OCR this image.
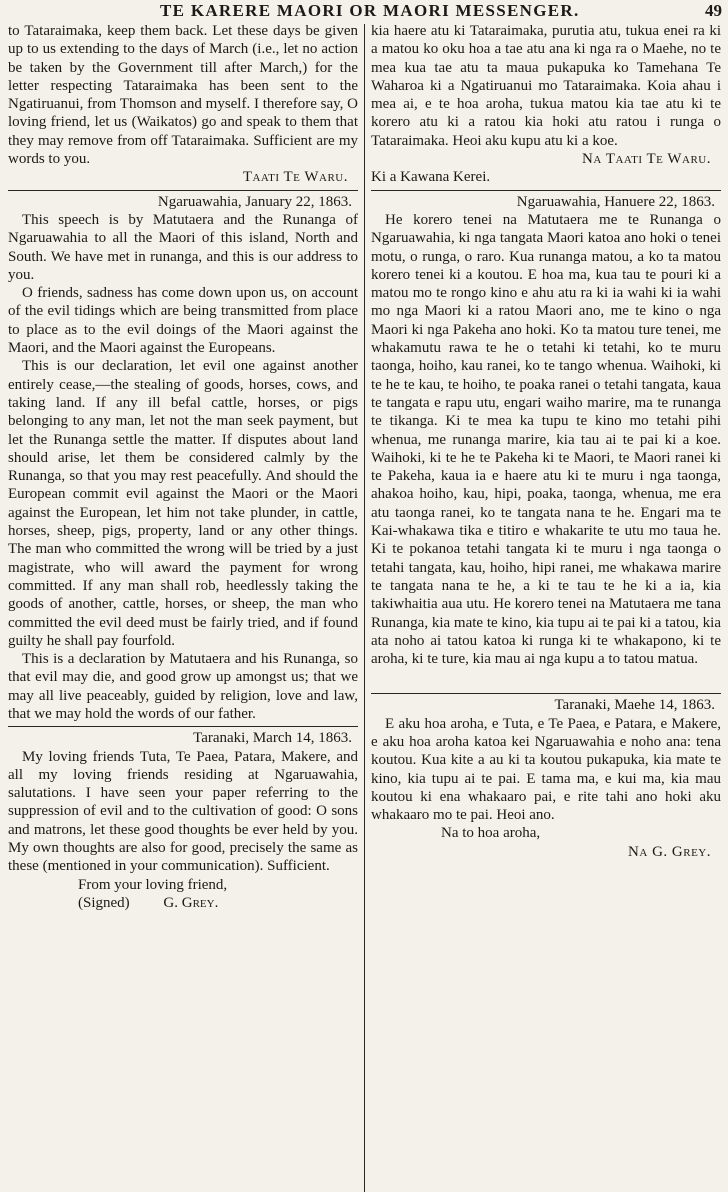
TE KARERE MAORI OR MAORI MESSENGER.	49

to Tataraimaka, keep them back. Let these days be given up to us extending to the days of March (i.e., let no action be taken by the Government till after March,) for the letter respecting Tataraimaka has been sent to the Ngatiruanui, from Thomson and myself. I therefore say, O loving friend, let us (Waikatos) go and speak to them that they may remove from off Tataraimaka. Sufficient are my words to you.

Taati Te Waru.

Ngaruawahia, January 22, 1863.

This speech is by Matutaera and the Runanga of Ngaruawahia to all the Maori of this island, North and South. We have met in runanga, and this is our address to you.

O friends, sadness has come down upon us, on account of the evil tidings which are being transmitted from place to place as to the evil doings of the Maori against the Maori, and the Maori against the Europeans.

This is our declaration, let evil one against another entirely cease,—the stealing of goods, horses, cows, and taking land. If any ill befal cattle, horses, or pigs belonging to any man, let not the man seek payment, but let the Runanga settle the matter. If disputes about land should arise, let them be considered calmly by the Runanga, so that you may rest peacefully. And should the European commit evil against the Maori or the Maori against the European, let him not take plunder, in cattle, horses, sheep, pigs, property, land or any other things. The man who committed the wrong will be tried by a just magistrate, who will award the payment for wrong committed. If any man shall rob, heedlessly taking the goods of another, cattle, horses, or sheep, the man who committed the evil deed must be fairly tried, and if found guilty he shall pay fourfold.

This is a declaration by Matutaera and his Runanga, so that evil may die, and good grow up amongst us; that we may all live peaceably, guided by religion, love and law, that we may hold the words of our father.

Taranaki, March 14, 1863.

My loving friends Tuta, Te Paea, Patara, Makere, and all my loving friends residing at Ngaruawahia, salutations. I have seen your paper referring to the suppression of evil and to the cultivation of good: O sons and matrons, let these good thoughts be ever held by you. My own thoughts are also for good, precisely the same as these (mentioned in your communication). Sufficient.

From your loving friend,

(Signed) G. Grey.

kia haere atu ki Tataraimaka, purutia atu, tukua enei ra ki a matou ko oku hoa a tae atu ana ki nga ra o Maehe, no te mea kua tae atu ta maua pukapuka ko Tamehana Te Waharoa ki a Ngatiruanui mo Tataraimaka. Koia ahau i mea ai, e te hoa aroha, tukua matou kia tae atu ki te korero atu ki a ratou kia hoki atu ratou i runga o Tataraimaka. Heoi aku kupu atu ki a koe.

Na Taati Te Waru.

Ki a Kawana Kerei.

Ngaruawahia, Hanuere 22, 1863.

He korero tenei na Matutaera me te Runanga o Ngaruawahia, ki nga tangata Maori katoa ano hoki o tenei motu, o runga, o raro. Kua runanga matou, a ko ta matou korero tenei ki a koutou. E hoa ma, kua tau te pouri ki a matou mo te rongo kino e ahu atu ra ki ia wahi ki ia wahi mo nga Maori ki a ratou Maori ano, me te kino o nga Maori ki nga Pakeha ano hoki. Ko ta matou ture tenei, me whakamutu rawa te he o tetahi ki tetahi, ko te muru taonga, hoiho, kau ranei, ko te tango whenua. Waihoki, ki te he te kau, te hoiho, te poaka ranei o tetahi tangata, kaua te tangata e rapu utu, engari waiho marire, ma te runanga te tikanga. Ki te mea ka tupu te kino mo tetahi pihi whenua, me runanga marire, kia tau ai te pai ki a koe. Waihoki, ki te he te Pakeha ki te Maori, te Maori ranei ki te Pakeha, kaua ia e haere atu ki te muru i nga taonga, ahakoa hoiho, kau, hipi, poaka, taonga, whenua, me era atu taonga ranei, ko te tangata nana te he. Engari ma te Kai-whakawa tika e titiro e whakarite te utu mo taua he. Ki te pokanoa tetahi tangata ki te muru i nga taonga o tetahi tangata, kau, hoiho, hipi ranei, me whakawa marire te tangata nana te he, a ki te tau te he ki a ia, kia takiwhaitia aua utu. He korero tenei na Matutaera me tana Runanga, kia mate te kino, kia tupu ai te pai ki a tatou, kia ata noho ai tatou katoa ki runga ki te whakapono, ki te aroha, ki te ture, kia mau ai nga kupu a to tatou matua.

Taranaki, Maehe 14, 1863.

E aku hoa aroha, e Tuta, e Te Paea, e Patara, e Makere, e aku hoa aroha katoa kei Ngaruawahia e noho ana: tena koutou. Kua kite a au ki ta koutou pukapuka, kia mate te kino, kia tupu ai te pai. E tama ma, e kui ma, kia mau koutou ki ena whakaaro pai, e rite tahi ano hoki aku whakaaro mo te pai. Heoi ano.

Na to hoa aroha,

Na G. Grey.
